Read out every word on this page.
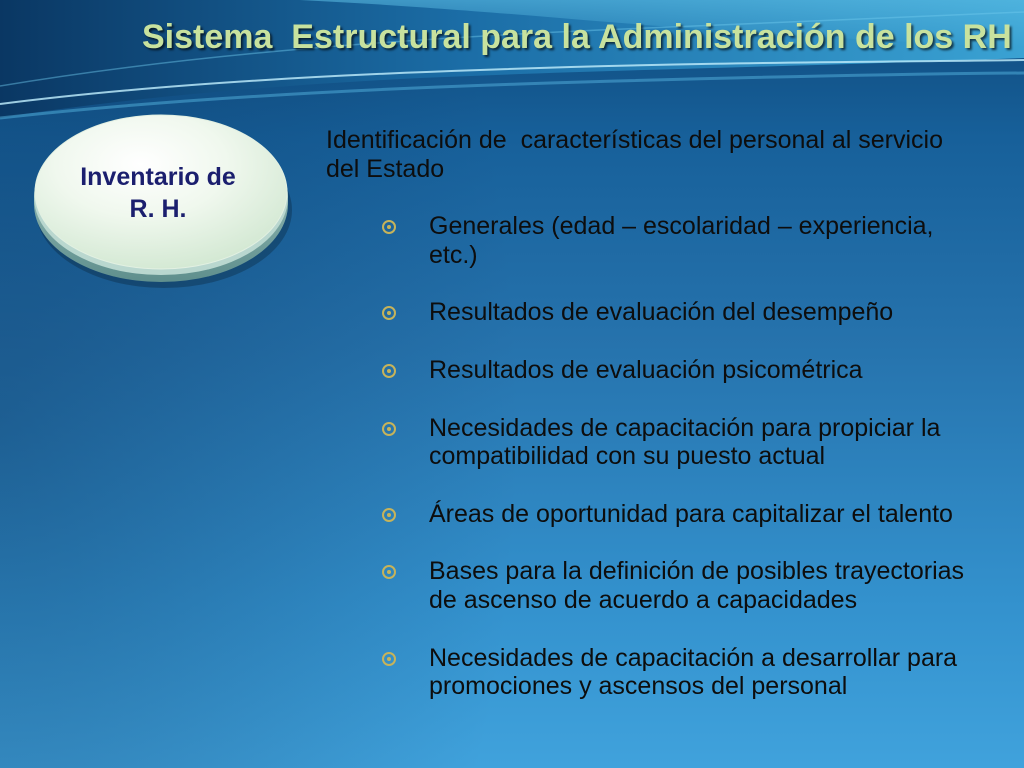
Sistema  Estructural para la Administración de los RH
Inventario de
R. H.
Identificación de  características del personal al servicio
del Estado
Generales (edad – escolaridad – experiencia,
etc.)
Resultados de evaluación del desempeño
Resultados de evaluación psicométrica
Necesidades de capacitación para propiciar la
compatibilidad con su puesto actual
Áreas de oportunidad para capitalizar el talento
Bases para la definición de posibles trayectorias
de ascenso de acuerdo a capacidades
Necesidades de capacitación a desarrollar para
promociones y ascensos del personal
